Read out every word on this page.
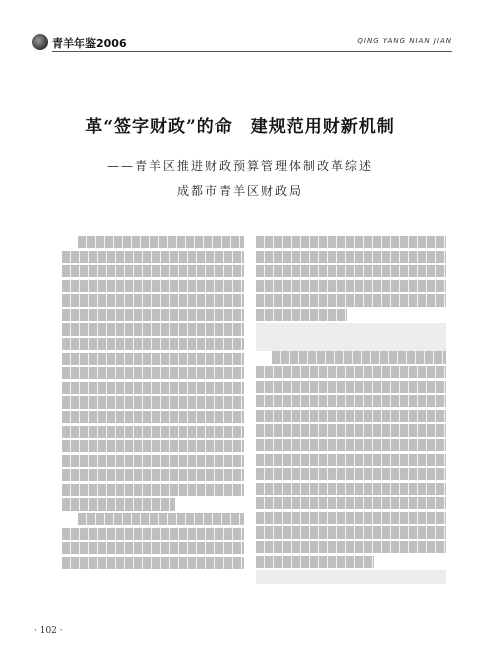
青羊年鉴2006	QING YANG NIAN JIAN
革“签字财政”的命　建规范用财新机制
——青羊区推进财政预算管理体制改革综述
成都市青羊区财政局
· 102 ·
